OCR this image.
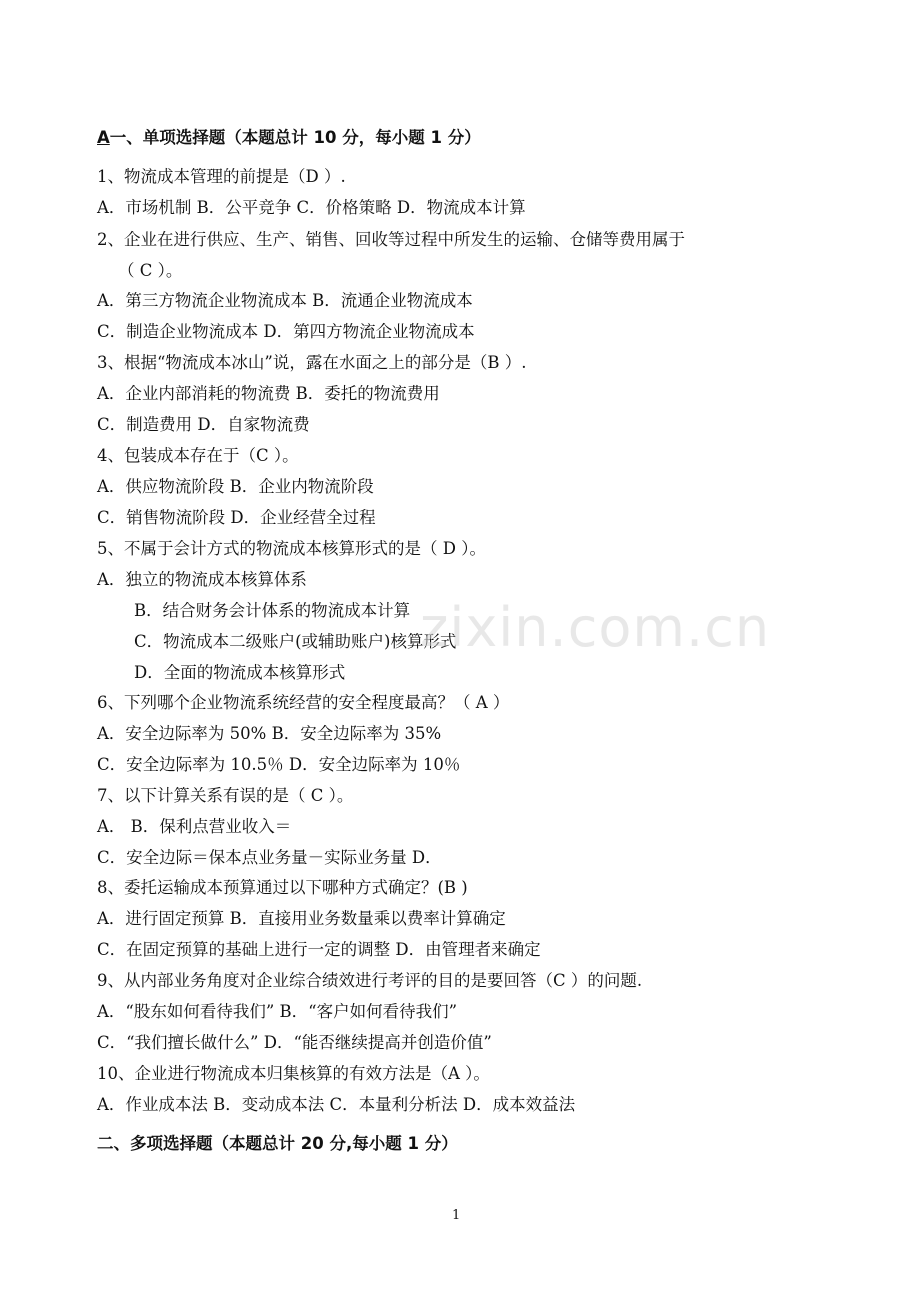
A一、单项选择题（本题总计 10 分，每小题 1 分）
1、物流成本管理的前提是（D ）.
A．市场机制 B．公平竞争 C．价格策略 D．物流成本计算
2、企业在进行供应、生产、销售、回收等过程中所发生的运输、仓储等费用属于
（ C ）。
A．第三方物流企业物流成本 B．流通企业物流成本
C．制造企业物流成本 D．第四方物流企业物流成本
3、根据“物流成本冰山”说，露在水面之上的部分是（B ）.
A．企业内部消耗的物流费 B．委托的物流费用
C．制造费用 D．自家物流费
4、包装成本存在于（C ）。
A．供应物流阶段 B．企业内物流阶段
C．销售物流阶段 D．企业经营全过程
5、不属于会计方式的物流成本核算形式的是（ D ）。
A．独立的物流成本核算体系
B．结合财务会计体系的物流成本计算
C．物流成本二级账户(或辅助账户)核算形式
D．全面的物流成本核算形式
6、下列哪个企业物流系统经营的安全程度最高？（ A ）
A．安全边际率为 50% B．安全边际率为 35%
C．安全边际率为 10.5％ D．安全边际率为 10％
7、以下计算关系有误的是（ C ）。
A． B．保利点营业收入＝
C．安全边际＝保本点业务量－实际业务量 D．
8、委托运输成本预算通过以下哪种方式确定？(B )
A．进行固定预算 B．直接用业务数量乘以费率计算确定
C．在固定预算的基础上进行一定的调整 D．由管理者来确定
9、从内部业务角度对企业综合绩效进行考评的目的是要回答（C ）的问题.
A．“股东如何看待我们” B．“客户如何看待我们”
C．“我们擅长做什么” D．“能否继续提高并创造价值”
10、企业进行物流成本归集核算的有效方法是（A ）。
A．作业成本法 B．变动成本法 C．本量利分析法 D．成本效益法
二、多项选择题（本题总计 20 分,每小题 1 分）
zixin.com.cn
1
